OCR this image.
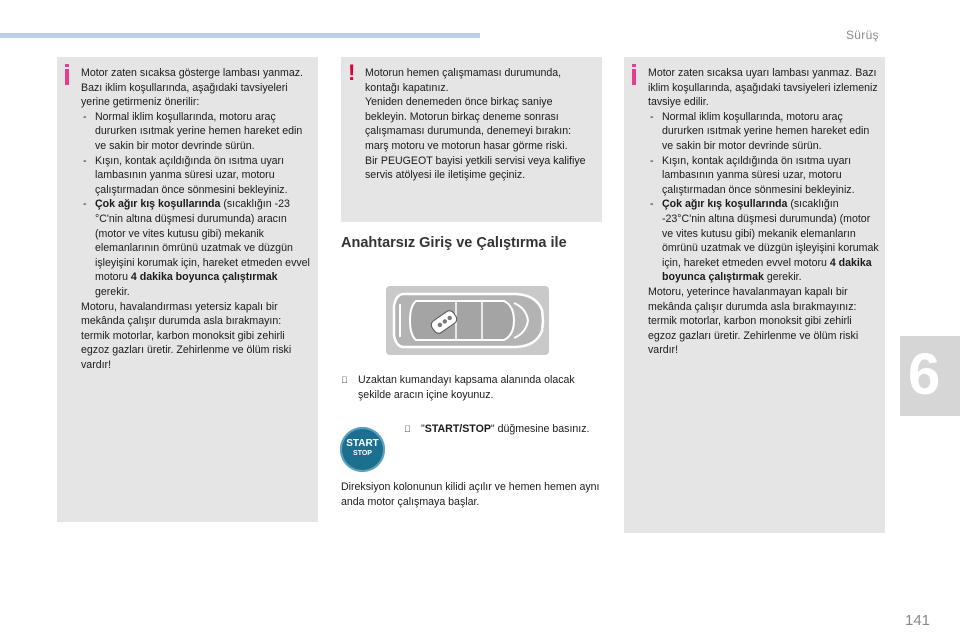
Sürüş
6
141

Motor zaten sıcaksa gösterge lambası yanmaz. Bazı iklim koşullarında, aşağıdaki tavsiyeleri yerine getirmeniz önerilir:

- Normal iklim koşullarında, motoru araç dururken ısıtmak yerine hemen hareket edin ve sakin bir motor devrinde sürün.

- Kışın, kontak açıldığında ön ısıtma uyarı lambasının yanma süresi uzar, motoru çalıştırmadan önce sönmesini bekleyiniz.

- Çok ağır kış koşullarında (sıcaklığın -23 °C'nin altına düşmesi durumunda) aracın (motor ve vites kutusu gibi) mekanik elemanlarının ömrünü uzatmak ve düzgün işleyişini korumak için, hareket etmeden evvel motoru 4 dakika boyunca çalıştırmak gerekir.

Motoru, havalandırması yetersiz kapalı bir mekânda çalışır durumda asla bırakmayın: termik motorlar, karbon monoksit gibi zehirli egzoz gazları üretir. Zehirlenme ve ölüm riski vardır!

! Motorun hemen çalışmaması durumunda, kontağı kapatınız.
Yeniden denemeden önce birkaç saniye bekleyin. Motorun birkaç deneme sonrası çalışmaması durumunda, denemeyi bırakın: marş motoru ve motorun hasar görme riski.
Bir PEUGEOT bayisi yetkili servisi veya kalifiye servis atölyesi ile iletişime geçiniz.
Anahtarsız Giriş ve Çalıştırma ile
Uzaktan kumandayı kapsama alanında olacak şekilde aracın içine koyunuz.
START
STOP
"START/STOP" düğmesine basınız.
Direksiyon kolonunun kilidi açılır ve hemen hemen aynı anda motor çalışmaya başlar.

Motor zaten sıcaksa uyarı lambası yanmaz. Bazı iklim koşullarında, aşağıdaki tavsiyeleri izlemeniz tavsiye edilir.

- Normal iklim koşullarında, motoru araç dururken ısıtmak yerine hemen hareket edin ve sakin bir motor devrinde sürün.

- Kışın, kontak açıldığında ön ısıtma uyarı lambasının yanma süresi uzar, motoru çalıştırmadan önce sönmesini bekleyiniz.

- Çok ağır kış koşullarında (sıcaklığın -23°C'nin altına düşmesi durumunda) (motor ve vites kutusu gibi) mekanik elemanların ömrünü uzatmak ve düzgün işleyişini korumak için, hareket etmeden evvel motoru 4 dakika boyunca çalıştırmak gerekir.

Motoru, yeterince havalanmayan kapalı bir mekânda çalışır durumda asla bırakmayınız: termik motorlar, karbon monoksit gibi zehirli egzoz gazları üretir. Zehirlenme ve ölüm riski vardır!
